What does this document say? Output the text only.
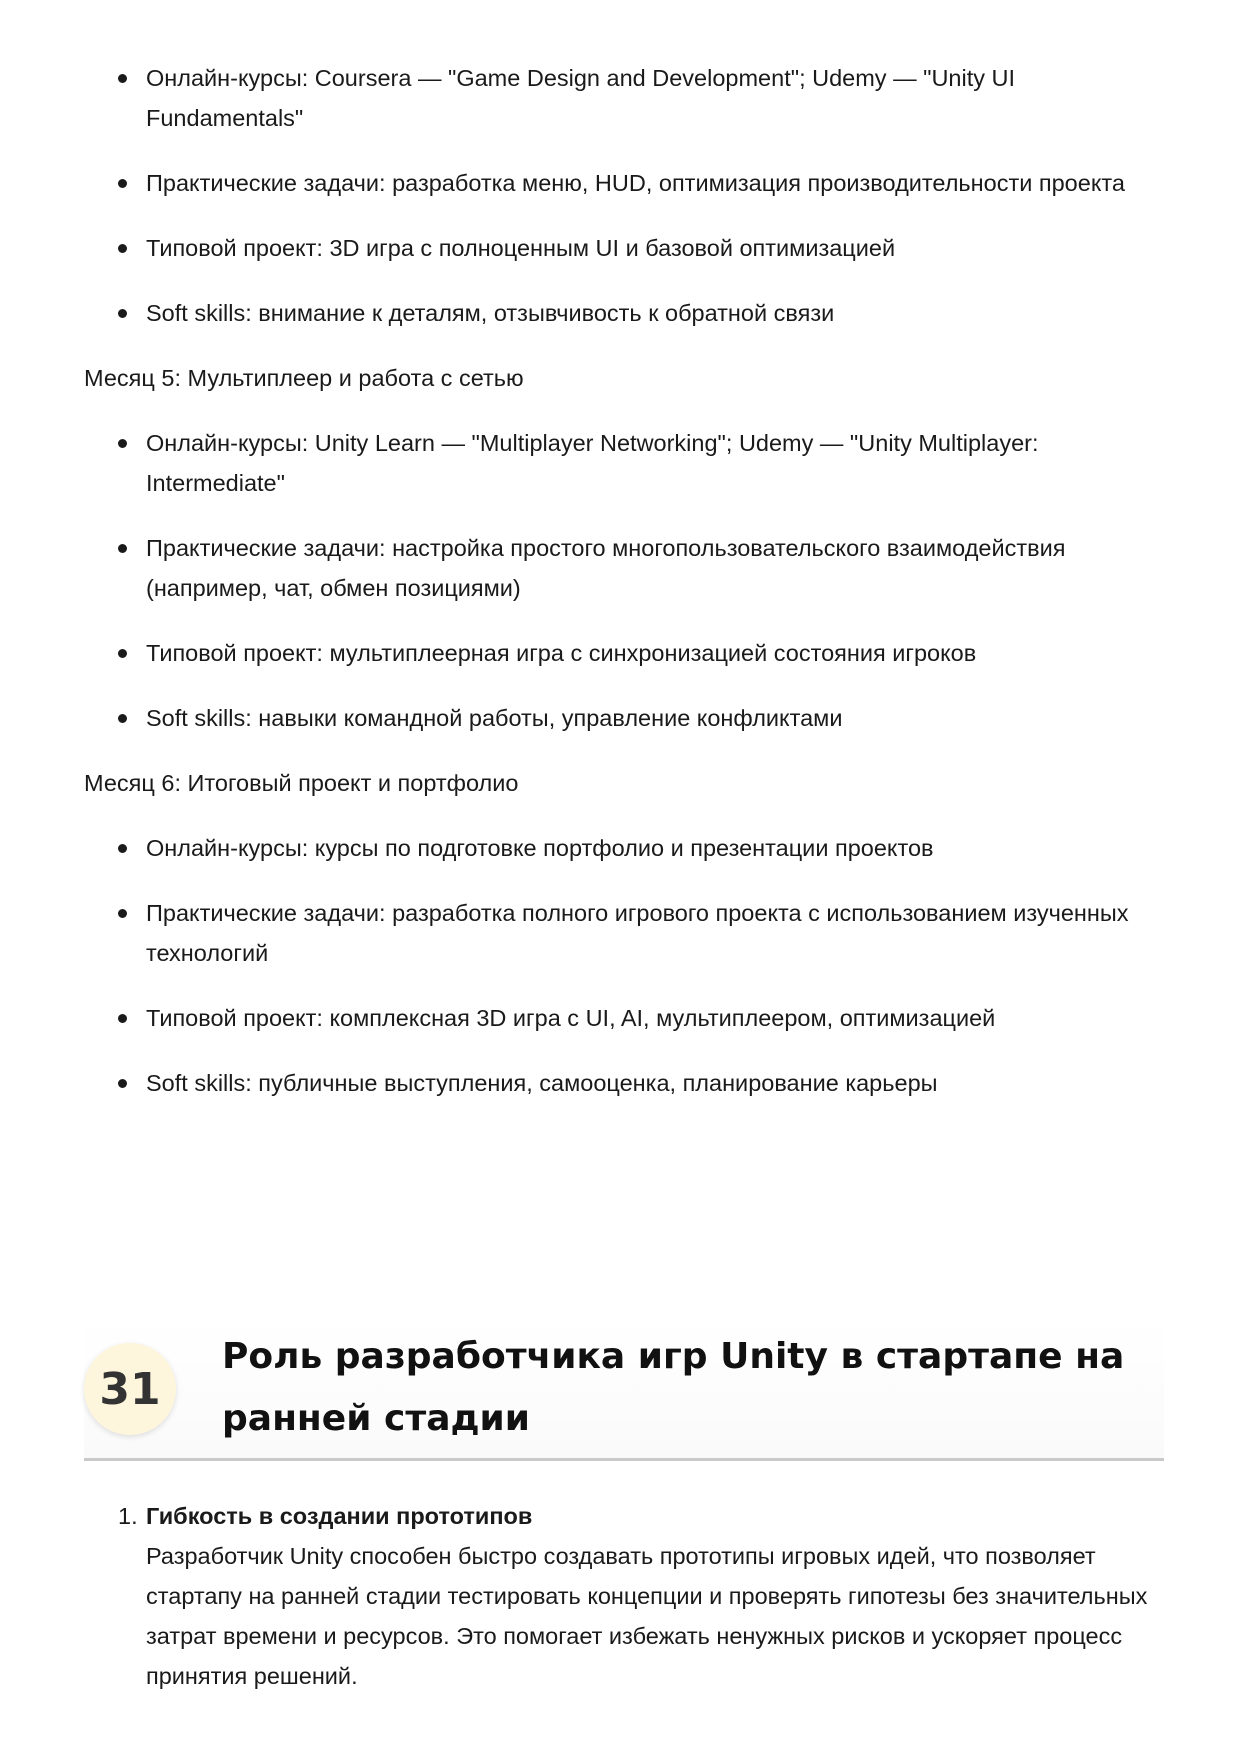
Онлайн-курсы: Coursera — "Game Design and Development"; Udemy — "Unity UI Fundamentals"
Практические задачи: разработка меню, HUD, оптимизация производительности проекта
Типовой проект: 3D игра с полноценным UI и базовой оптимизацией
Soft skills: внимание к деталям, отзывчивость к обратной связи

Месяц 5: Мультиплеер и работа с сетью

Онлайн-курсы: Unity Learn — "Multiplayer Networking"; Udemy — "Unity Multiplayer: Intermediate"
Практические задачи: настройка простого многопользовательского взаимодействия (например, чат, обмен позициями)
Типовой проект: мультиплеерная игра с синхронизацией состояния игроков
Soft skills: навыки командной работы, управление конфликтами

Месяц 6: Итоговый проект и портфолио

Онлайн-курсы: курсы по подготовке портфолио и презентации проектов
Практические задачи: разработка полного игрового проекта с использованием изученных технологий
Типовой проект: комплексная 3D игра с UI, AI, мультиплеером, оптимизацией
Soft skills: публичные выступления, самооценка, планирование карьеры
31
Роль разработчика игр Unity в стартапе на ранней стадии
1. Гибкость в создании прототипов
Разработчик Unity способен быстро создавать прототипы игровых идей, что позволяет стартапу на ранней стадии тестировать концепции и проверять гипотезы без значительных затрат времени и ресурсов. Это помогает избежать ненужных рисков и ускоряет процесс принятия решений.
